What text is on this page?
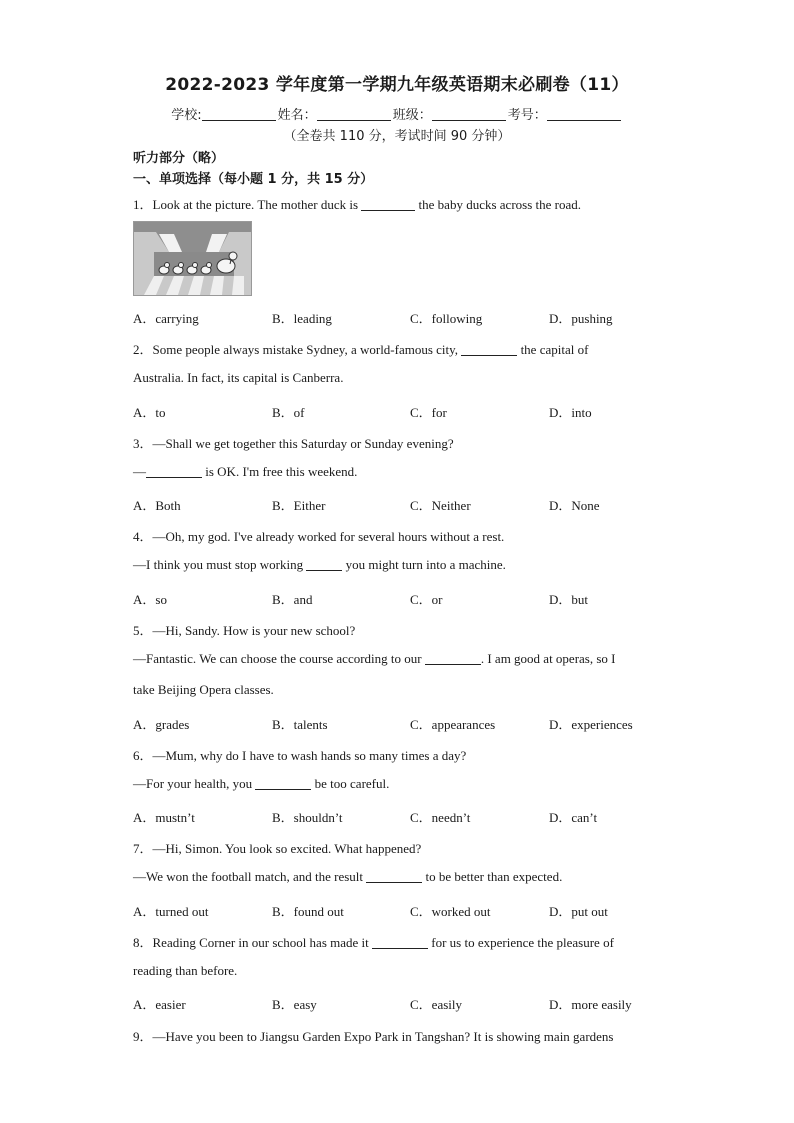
2022-2023 学年度第一学期九年级英语期末必刷卷（11）
学校:	姓名：	班级：	考号：
（全卷共 110 分，考试时间 90 分钟）
听力部分（略）
一、单项选择（每小题 1 分，共 15 分）
1．Look at the picture. The mother duck is	the baby ducks across the road.
A．carrying	B．leading	C．following	D．pushing
2．Some people always mistake Sydney, a world-famous city,	the capital of
Australia. In fact, its capital is Canberra.
A．to	B．of	C．for	D．into
3．—Shall we get together this Saturday or Sunday evening?
—	is OK. I'm free this weekend.
A．Both	B．Either	C．Neither	D．None
4．—Oh, my god. I've already worked for several hours without a rest.
—I think you must stop working	you might turn into a machine.
A．so	B．and	C．or	D．but
5．—Hi, Sandy. How is your new school?
—Fantastic. We can choose the course according to our	. I am good at operas, so I
take Beijing Opera classes.
A．grades	B．talents	C．appearances	D．experiences
6．—Mum, why do I have to wash hands so many times a day?
—For your health, you	be too careful.
A．mustn’t	B．shouldn’t	C．needn’t	D．can’t
7．—Hi, Simon. You look so excited. What happened?
—We won the football match, and the result	to be better than expected.
A．turned out	B．found out	C．worked out	D．put out
8．Reading Corner in our school has made it	for us to experience the pleasure of
reading than before.
A．easier	B．easy	C．easily	D．more easily
9．—Have you been to Jiangsu Garden Expo Park in Tangshan? It is showing main gardens
